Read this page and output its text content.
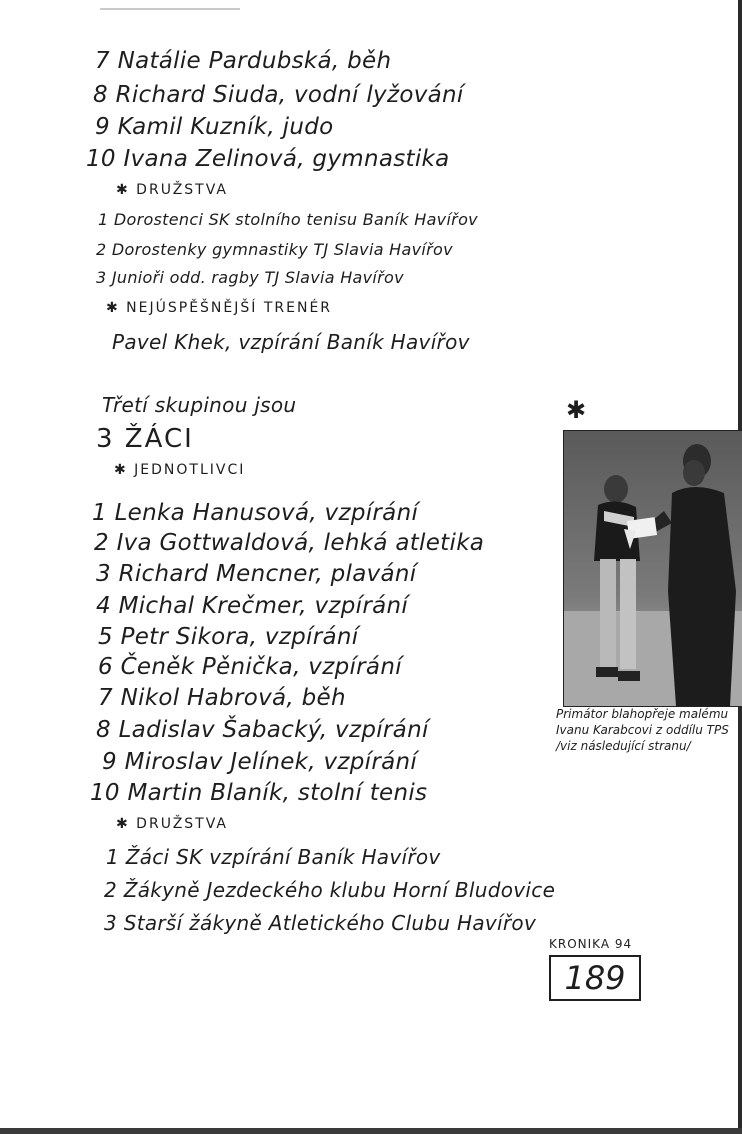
7 Natálie Pardubská, běh
8 Richard Siuda, vodní lyžování
9 Kamil Kuzník, judo
10 Ivana Zelinová, gymnastika
✱ DRUŽSTVA
1 Dorostenci SK stolního tenisu Baník Havířov
2 Dorostenky gymnastiky TJ Slavia Havířov
3 Junioři odd. ragby TJ Slavia Havířov
✱ NEJÚSPĚŠNĚJŠÍ TRENÉR
Pavel Khek, vzpírání Baník Havířov
Třetí skupinou jsou
3 ŽÁCI
✱ JEDNOTLIVCI
1 Lenka Hanusová, vzpírání
2 Iva Gottwaldová, lehká atletika
3 Richard Mencner, plavání
4 Michal Krečmer, vzpírání
5 Petr Sikora, vzpírání
6 Čeněk Pěnička, vzpírání
7 Nikol Habrová, běh
8 Ladislav Šabacký, vzpírání
9 Miroslav Jelínek, vzpírání
10 Martin Blaník, stolní tenis
✱ DRUŽSTVA
1 Žáci SK vzpírání Baník Havířov
2 Žákyně Jezdeckého klubu Horní Bludovice
3 Starší žákyně Atletického Clubu Havířov
✱
Primátor blahopřeje malému Ivanu Karabcovi z oddílu TPS /viz následující stranu/
KRONIKA 94
189
